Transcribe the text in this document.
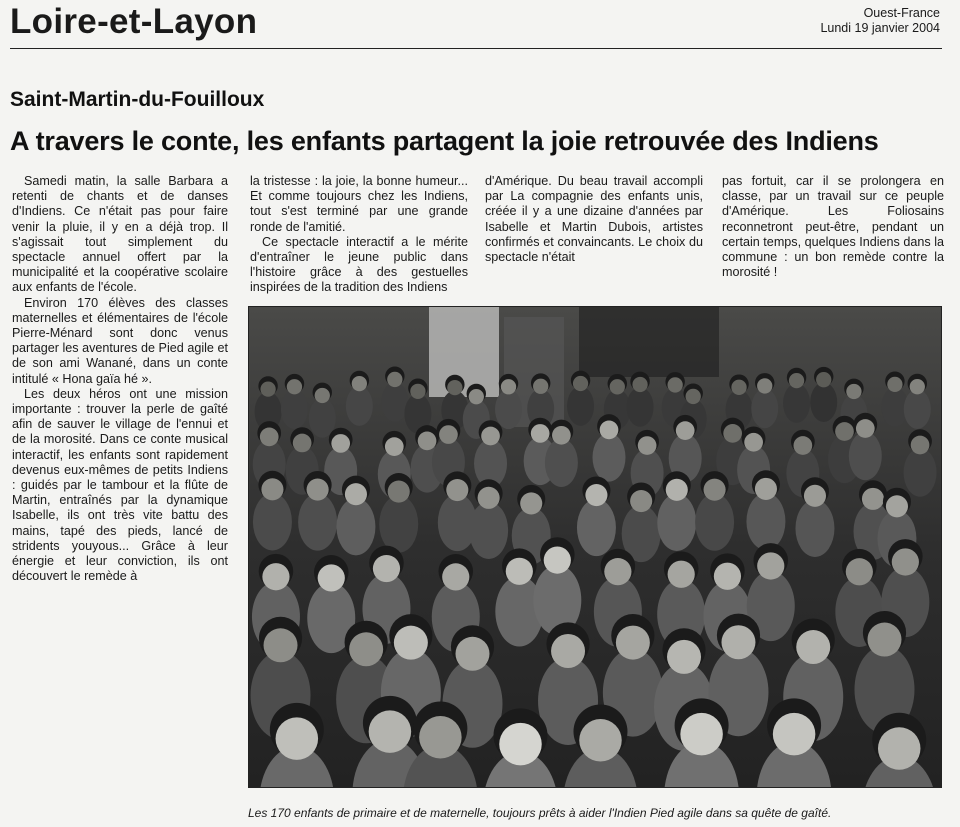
Loire-et-Layon	Ouest-France
Lundi 19 janvier 2004
Saint-Martin-du-Fouilloux
A travers le conte, les enfants partagent la joie retrouvée des Indiens

Samedi matin, la salle Barbara a retenti de chants et de danses d'Indiens. Ce n'était pas pour faire venir la pluie, il y en a déjà trop. Il s'agissait tout simplement du spectacle annuel offert par la municipalité et la coopérative scolaire aux enfants de l'école.

Environ 170 élèves des classes maternelles et élémentaires de l'école Pierre-Ménard sont donc venus partager les aventures de Pied agile et de son ami Wanané, dans un conte intitulé « Hona gaïa hé ».

Les deux héros ont une mission importante : trouver la perle de gaîté afin de sauver le village de l'ennui et de la morosité. Dans ce conte musical interactif, les enfants sont rapidement devenus eux-mêmes de petits Indiens : guidés par le tambour et la flûte de Martin, entraînés par la dynamique Isabelle, ils ont très vite battu des mains, tapé des pieds, lancé de stridents youyous... Grâce à leur énergie et leur conviction, ils ont découvert le remède à

la tristesse : la joie, la bonne humeur... Et comme toujours chez les Indiens, tout s'est terminé par une grande ronde de l'amitié.

Ce spectacle interactif a le mérite d'entraîner le jeune public dans l'histoire grâce à des gestuelles inspirées de la tradition des Indiens

d'Amérique. Du beau travail accompli par La compagnie des enfants unis, créée il y a une dizaine d'années par Isabelle et Martin Dubois, artistes confirmés et convaincants. Le choix du spectacle n'était

pas fortuit, car il se prolongera en classe, par un travail sur ce peuple d'Amérique. Les Foliosains reconnetront peut-être, pendant un certain temps, quelques Indiens dans la commune : un bon remède contre la morosité !

Les 170 enfants de primaire et de maternelle, toujours prêts à aider l'Indien Pied agile dans sa quête de gaîté.
